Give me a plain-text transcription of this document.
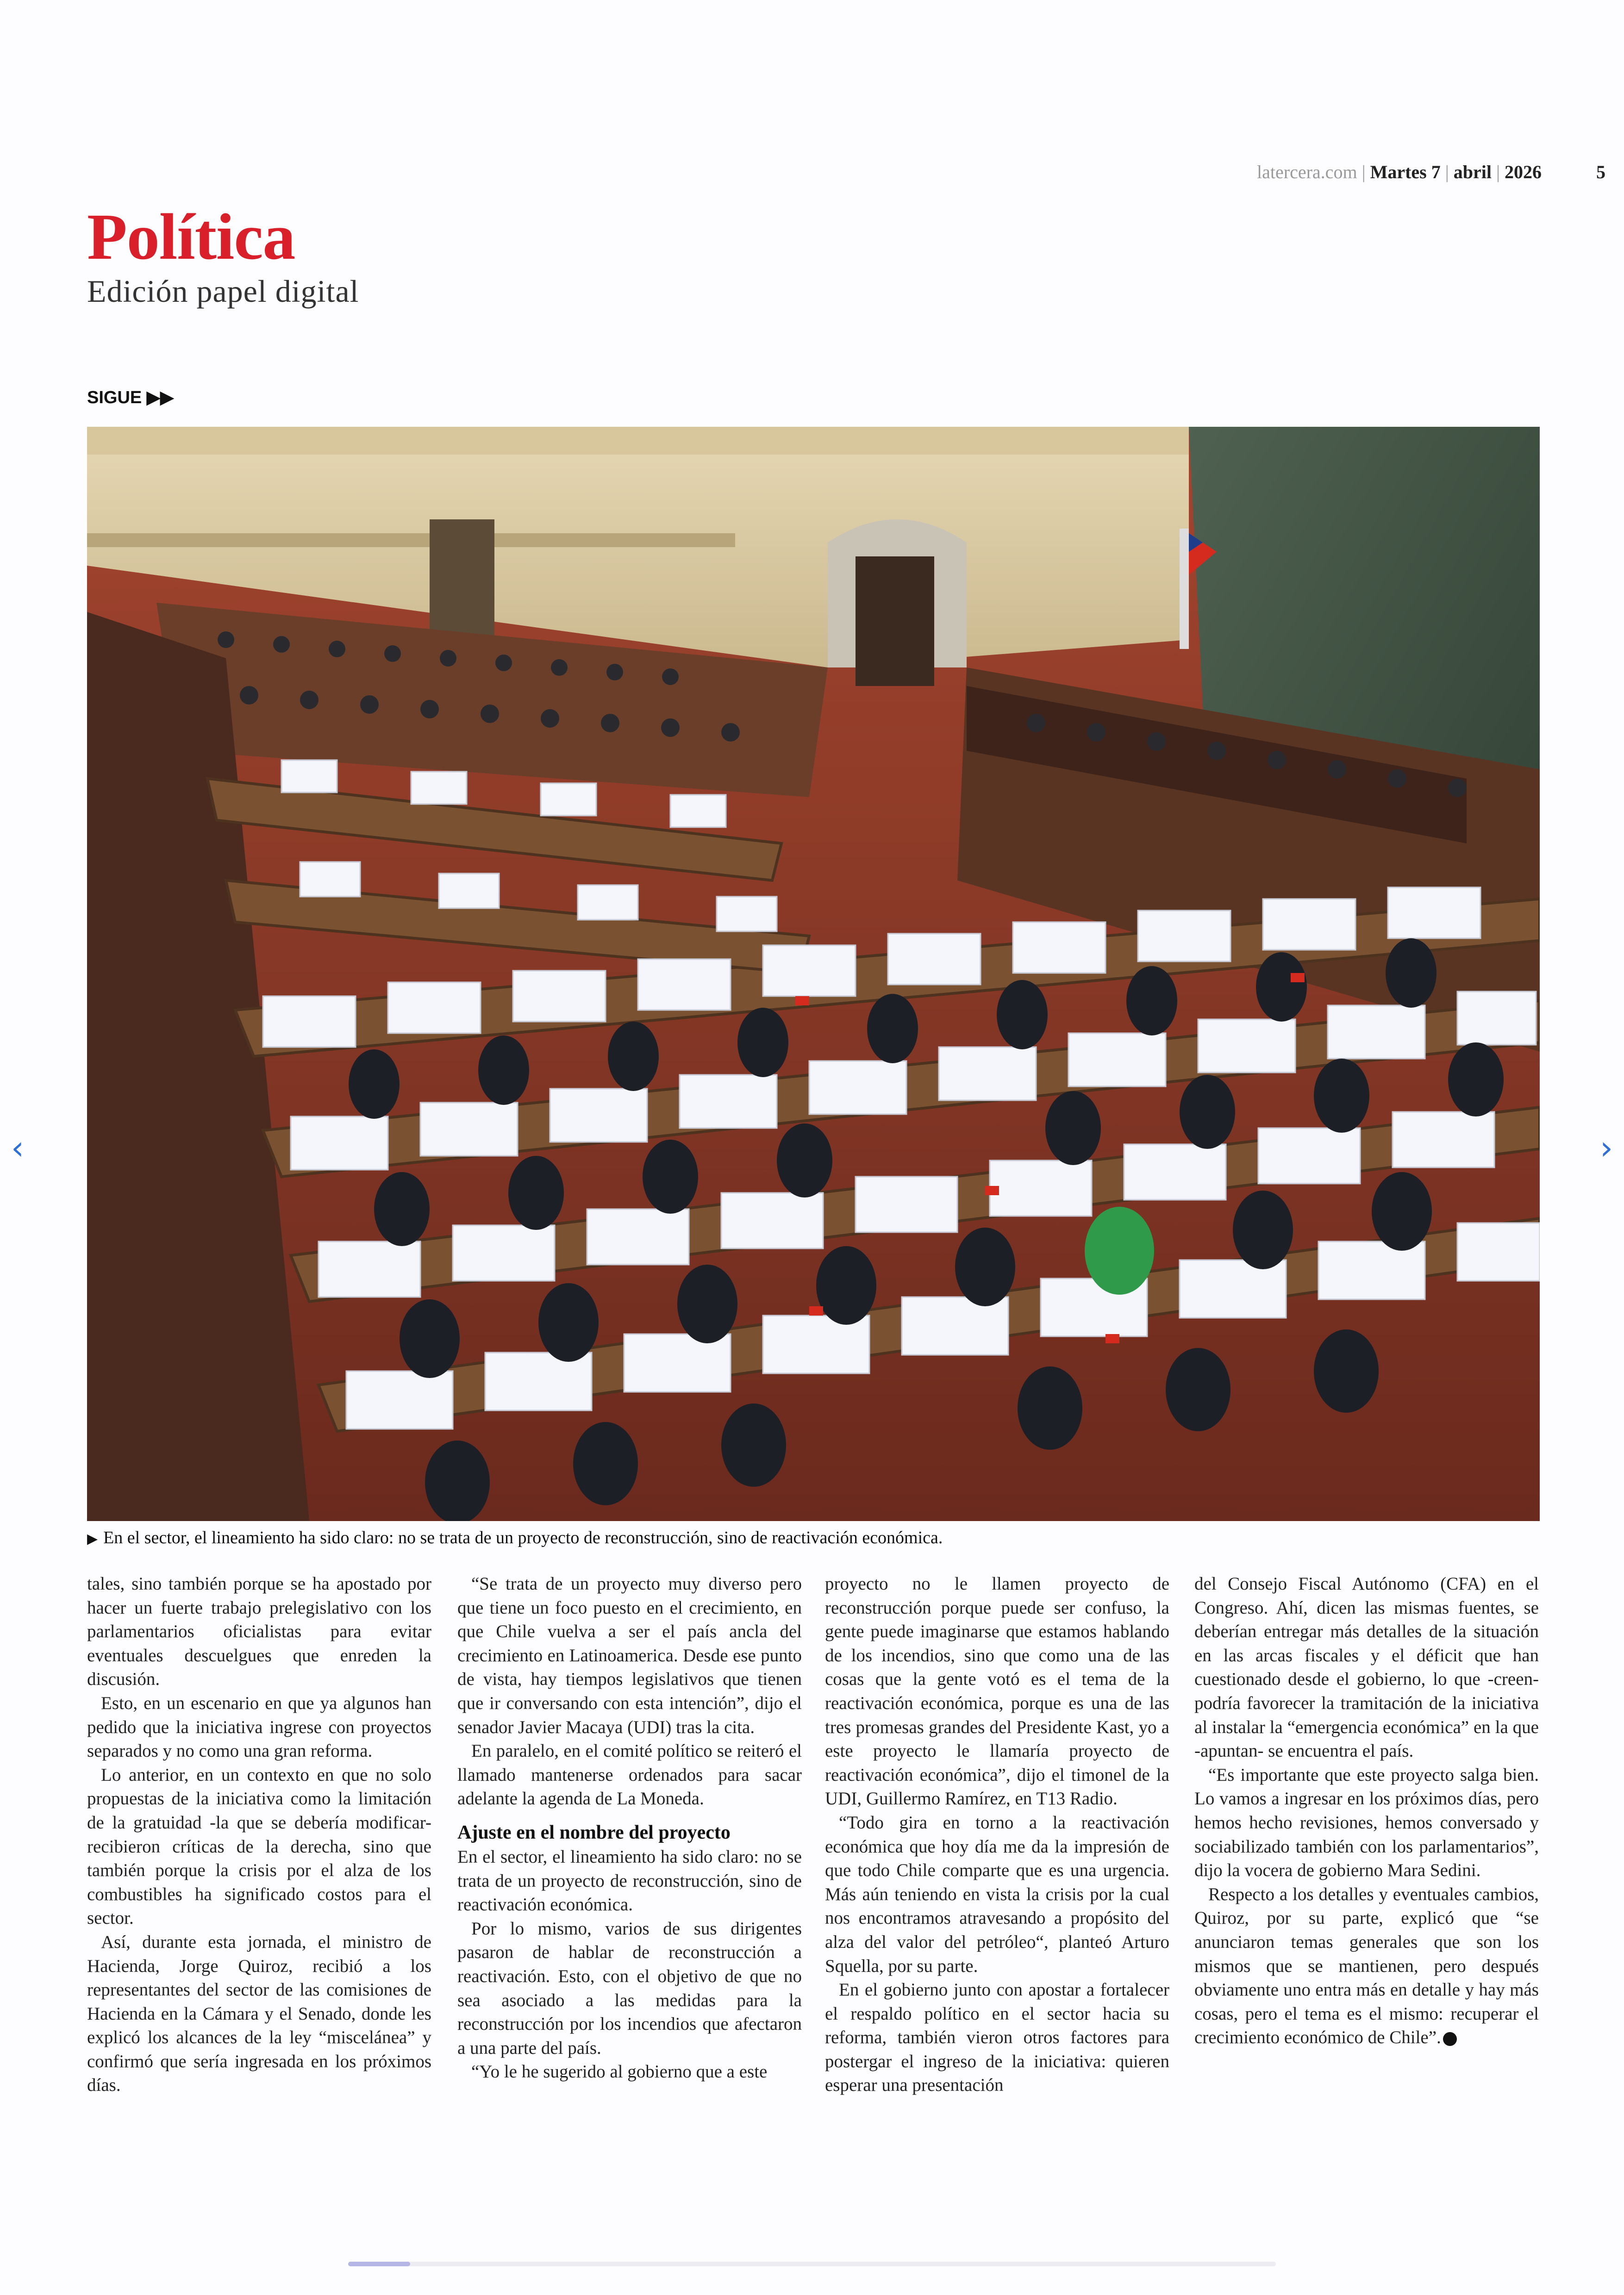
latercera.com | Martes 7 | abril | 2026	5
Política
Edición papel digital
SIGUE ▶▶
▶ En el sector, el lineamiento ha sido claro: no se trata de un proyecto de reconstrucción, sino de reactivación económica.

tales, sino también porque se ha apostado por hacer un fuerte trabajo prelegislativo con los parlamentarios oficialistas para evitar eventuales descuelgues que enreden la discusión.

Esto, en un escenario en que ya algunos han pedido que la iniciativa ingrese con proyectos separados y no como una gran reforma.

Lo anterior, en un contexto en que no solo propuestas de la iniciativa como la limitación de la gratuidad -la que se debería modificar- recibieron críticas de la derecha, sino que también porque la crisis por el alza de los combustibles ha significado costos para el sector.

Así, durante esta jornada, el ministro de Hacienda, Jorge Quiroz, recibió a los representantes del sector de las comisiones de Hacienda en la Cámara y el Senado, donde les explicó los alcances de la ley “miscelánea” y confirmó que sería ingresada en los próximos días.

“Se trata de un proyecto muy diverso pero que tiene un foco puesto en el crecimiento, en que Chile vuelva a ser el país ancla del crecimiento en Latinoamerica. Desde ese punto de vista, hay tiempos legislativos que tienen que ir conversando con esta intención”, dijo el senador Javier Macaya (UDI) tras la cita.

En paralelo, en el comité político se reiteró el llamado mantenerse ordenados para sacar adelante la agenda de La Moneda.

Ajuste en el nombre del proyecto

En el sector, el lineamiento ha sido claro: no se trata de un proyecto de reconstrucción, sino de reactivación económica.

Por lo mismo, varios de sus dirigentes pasaron de hablar de reconstrucción a reactivación. Esto, con el objetivo de que no sea asociado a las medidas para la reconstrucción por los incendios que afectaron a una parte del país.

“Yo le he sugerido al gobierno que a este

proyecto no le llamen proyecto de reconstrucción porque puede ser confuso, la gente puede imaginarse que estamos hablando de los incendios, sino que como una de las cosas que la gente votó es el tema de la reactivación económica, porque es una de las tres promesas grandes del Presidente Kast, yo a este proyecto le llamaría proyecto de reactivación económica”, dijo el timonel de la UDI, Guillermo Ramírez, en T13 Radio.

“Todo gira en torno a la reactivación económica que hoy día me da la impresión de que todo Chile comparte que es una urgencia. Más aún teniendo en vista la crisis por la cual nos encontramos atravesando a propósito del alza del valor del petróleo“, planteó Arturo Squella, por su parte.

En el gobierno junto con apostar a fortalecer el respaldo político en el sector hacia su reforma, también vieron otros factores para postergar el ingreso de la iniciativa: quieren esperar una presentación

del Consejo Fiscal Autónomo (CFA) en el Congreso. Ahí, dicen las mismas fuentes, se deberían entregar más detalles de la situación en las arcas fiscales y el déficit que han cuestionado desde el gobierno, lo que -creen- podría favorecer la tramitación de la iniciativa al instalar la “emergencia económica” en la que -apuntan- se encuentra el país.

“Es importante que este proyecto salga bien. Lo vamos a ingresar en los próximos días, pero hemos hecho revisiones, hemos conversado y sociabilizado también con los parlamentarios”, dijo la vocera de gobierno Mara Sedini.

Respecto a los detalles y eventuales cambios, Quiroz, por su parte, explicó que “se anunciaron temas generales que son los mismos que se mantienen, pero después obviamente uno entra más en detalle y hay más cosas, pero el tema es el mismo: recuperar el crecimiento económico de Chile”.

‹	›
